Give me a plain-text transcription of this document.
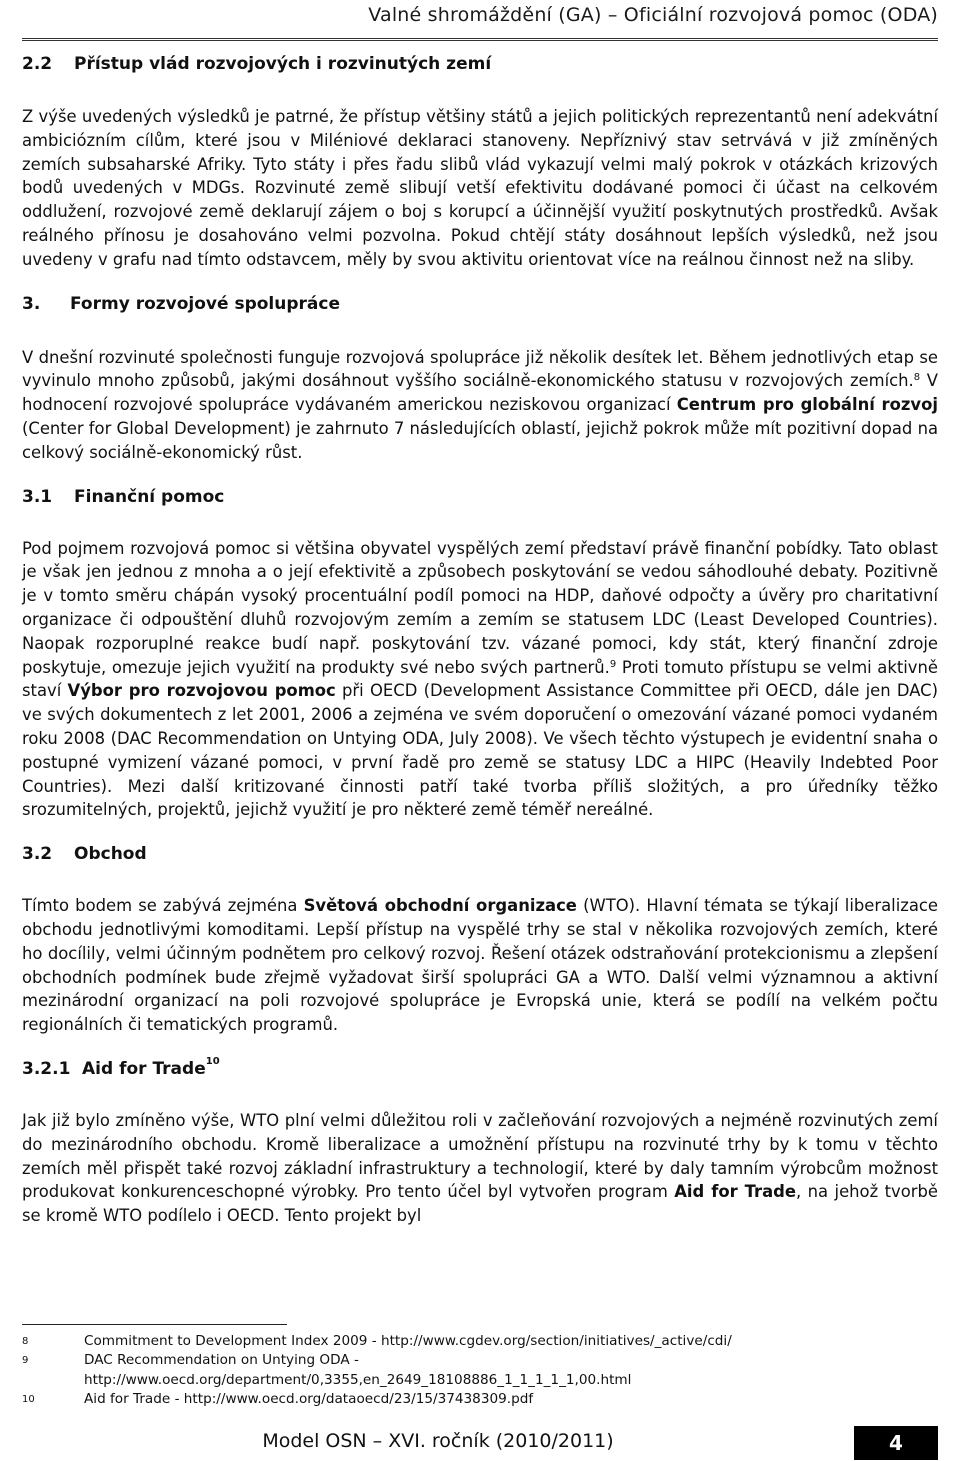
Valné shromáždění (GA) – Oficiální rozvojová pomoc (ODA)
2.2 Přístup vlád rozvojových i rozvinutých zemí

Z výše uvedených výsledků je patrné, že přístup většiny států a jejich politických reprezentantů není adekvátní ambiciózním cílům, které jsou v Miléniové deklaraci stanoveny. Nepříznivý stav setrvává v již zmíněných zemích subsaharské Afriky. Tyto státy i přes řadu slibů vlád vykazují velmi malý pokrok v otázkách krizových bodů uvedených v MDGs. Rozvinuté země slibují vetší efektivitu dodávané pomoci či účast na celkovém oddlužení, rozvojové země deklarují zájem o boj s korupcí a účinnější využití poskytnutých prostředků. Avšak reálného přínosu je dosahováno velmi pozvolna. Pokud chtějí státy dosáhnout lepších výsledků, než jsou uvedeny v grafu nad tímto odstavcem, měly by svou aktivitu orientovat více na reálnou činnost než na sliby.

3. Formy rozvojové spolupráce

V dnešní rozvinuté společnosti funguje rozvojová spolupráce již několik desítek let. Během jednotlivých etap se vyvinulo mnoho způsobů, jakými dosáhnout vyššího sociálně-ekonomického statusu v rozvojových zemích.$^8$ V hodnocení rozvojové spolupráce vydávaném americkou neziskovou organizací Centrum pro globální rozvoj (Center for Global Development) je zahrnuto 7 následujících oblastí, jejichž pokrok může mít pozitivní dopad na celkový sociálně-ekonomický růst.

3.1 Finanční pomoc

Pod pojmem rozvojová pomoc si většina obyvatel vyspělých zemí představí právě finanční pobídky. Tato oblast je však jen jednou z mnoha a o její efektivitě a způsobech poskytování se vedou sáhodlouhé debaty. Pozitivně je v tomto směru chápán vysoký procentuální podíl pomoci na HDP, daňové odpočty a úvěry pro charitativní organizace či odpouštění dluhů rozvojovým zemím a zemím se statusem LDC (Least Developed Countries). Naopak rozporuplné reakce budí např. poskytování tzv. vázané pomoci, kdy stát, který finanční zdroje poskytuje, omezuje jejich využití na produkty své nebo svých partnerů.$^9$ Proti tomuto přístupu se velmi aktivně staví Výbor pro rozvojovou pomoc při OECD (Development Assistance Committee při OECD, dále jen DAC) ve svých dokumentech z let 2001, 2006 a zejména ve svém doporučení o omezování vázané pomoci vydaném roku 2008 (DAC Recommendation on Untying ODA, July 2008). Ve všech těchto výstupech je evidentní snaha o postupné vymizení vázané pomoci, v první řadě pro země se statusy LDC a HIPC (Heavily Indebted Poor Countries). Mezi další kritizované činnosti patří také tvorba příliš složitých, a pro úředníky těžko srozumitelných, projektů, jejichž využití je pro některé země téměř nereálné.

3.2 Obchod

Tímto bodem se zabývá zejména Světová obchodní organizace (WTO). Hlavní témata se týkají liberalizace obchodu jednotlivými komoditami. Lepší přístup na vyspělé trhy se stal v několika rozvojových zemích, které ho docílily, velmi účinným podnětem pro celkový rozvoj. Řešení otázek odstraňování protekcionismu a zlepšení obchodních podmínek bude zřejmě vyžadovat širší spolupráci GA a WTO. Další velmi významnou a aktivní mezinárodní organizací na poli rozvojové spolupráce je Evropská unie, která se podílí na velkém počtu regionálních či tematických programů.

3.2.1 Aid for Trade$^{10}$

Jak již bylo zmíněno výše, WTO plní velmi důležitou roli v začleňování rozvojových a nejméně rozvinutých zemí do mezinárodního obchodu. Kromě liberalizace a umožnění přístupu na rozvinuté trhy by k tomu v těchto zemích měl přispět také rozvoj základní infrastruktury a technologií, které by daly tamním výrobcům možnost produkovat konkurenceschopné výrobky. Pro tento účel byl vytvořen program Aid for Trade, na jehož tvorbě se kromě WTO podílelo i OECD. Tento projekt byl

8	Commitment to Development Index 2009 - http://www.cgdev.org/section/initiatives/_active/cdi/
9	DAC Recommendation on Untying ODA -
http://www.oecd.org/department/0,3355,en_2649_18108886_1_1_1_1_1,00.html
10	Aid for Trade - http://www.oecd.org/dataoecd/23/15/37438309.pdf
Model OSN – XVI. ročník (2010/2011)	4
